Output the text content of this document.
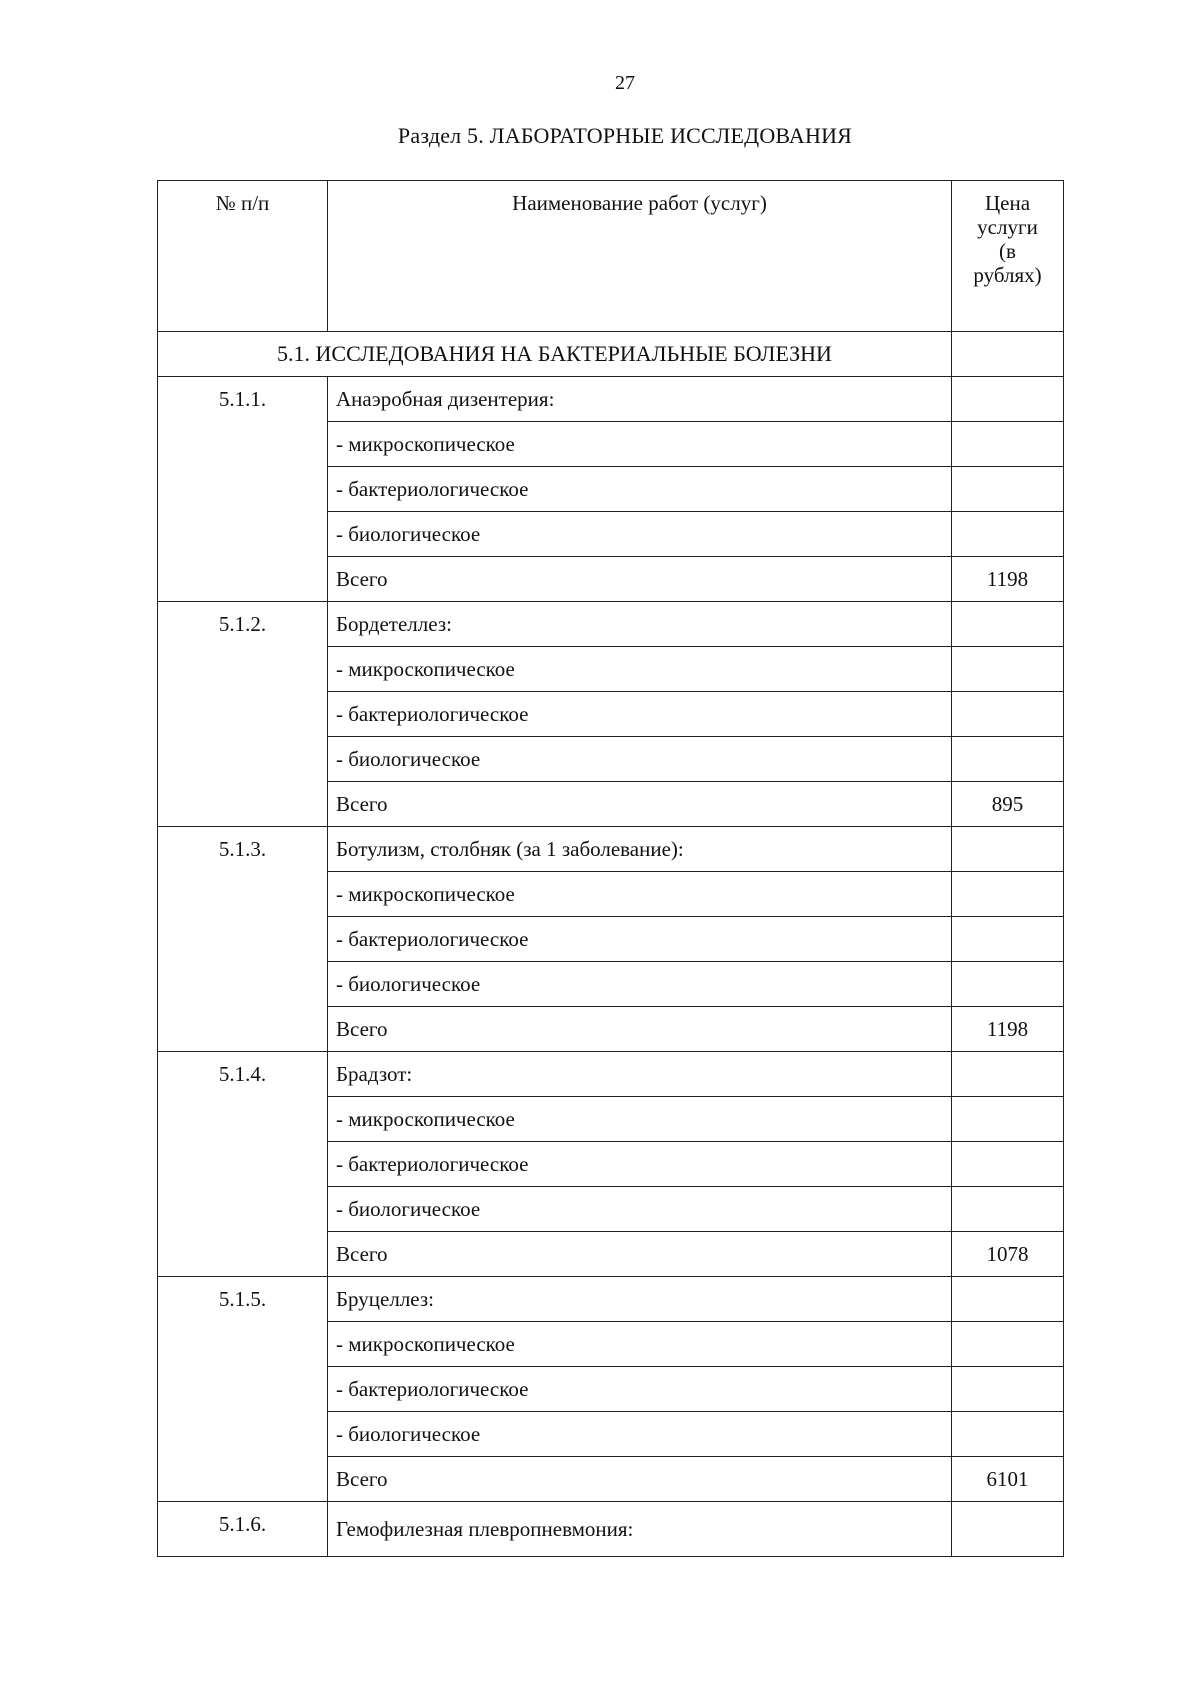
27
Раздел 5. ЛАБОРАТОРНЫЕ ИССЛЕДОВАНИЯ
№ п/п	Наименование работ (услуг)	Цена
услуги
(в
рублях)
5.1. ИССЛЕДОВАНИЯ НА БАКТЕРИАЛЬНЫЕ БОЛЕЗНИ		
5.1.1.	Анаэробная дизентерия:	
	- микроскопическое	
	- бактериологическое	
	- биологическое	
	Всего	1198
5.1.2.	Бордетеллез:	
	- микроскопическое	
	- бактериологическое	
	- биологическое	
	Всего	895
5.1.3.	Ботулизм, столбняк (за 1 заболевание):	
	- микроскопическое	
	- бактериологическое	
	- биологическое	
	Всего	1198
5.1.4.	Брадзот:	
	- микроскопическое	
	- бактериологическое	
	- биологическое	
	Всего	1078
5.1.5.	Бруцеллез:	
	- микроскопическое	
	- бактериологическое	
	- биологическое	
	Всего	6101
5.1.6.	Гемофилезная плевропневмония:	
